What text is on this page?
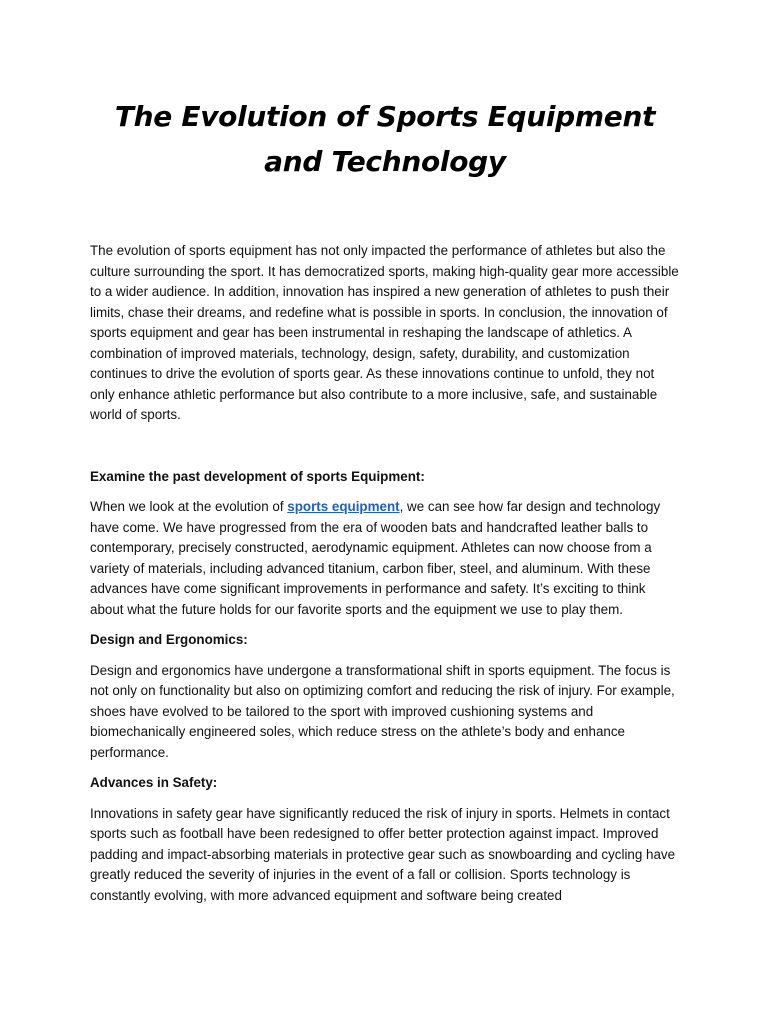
The Evolution of Sports Equipment and Technology

The evolution of sports equipment has not only impacted the performance of athletes but also the culture surrounding the sport. It has democratized sports, making high-quality gear more accessible to a wider audience. In addition, innovation has inspired a new generation of athletes to push their limits, chase their dreams, and redefine what is possible in sports. In conclusion, the innovation of sports equipment and gear has been instrumental in reshaping the landscape of athletics. A combination of improved materials, technology, design, safety, durability, and customization continues to drive the evolution of sports gear. As these innovations continue to unfold, they not only enhance athletic performance but also contribute to a more inclusive, safe, and sustainable world of sports.

Examine the past development of sports Equipment:

When we look at the evolution of sports equipment, we can see how far design and technology have come. We have progressed from the era of wooden bats and handcrafted leather balls to contemporary, precisely constructed, aerodynamic equipment. Athletes can now choose from a variety of materials, including advanced titanium, carbon fiber, steel, and aluminum. With these advances have come significant improvements in performance and safety. It’s exciting to think about what the future holds for our favorite sports and the equipment we use to play them.

Design and Ergonomics:

Design and ergonomics have undergone a transformational shift in sports equipment. The focus is not only on functionality but also on optimizing comfort and reducing the risk of injury. For example, shoes have evolved to be tailored to the sport with improved cushioning systems and biomechanically engineered soles, which reduce stress on the athlete’s body and enhance performance.

Advances in Safety:

Innovations in safety gear have significantly reduced the risk of injury in sports. Helmets in contact sports such as football have been redesigned to offer better protection against impact. Improved padding and impact-absorbing materials in protective gear such as snowboarding and cycling have greatly reduced the severity of injuries in the event of a fall or collision. Sports technology is constantly evolving, with more advanced equipment and software being created
